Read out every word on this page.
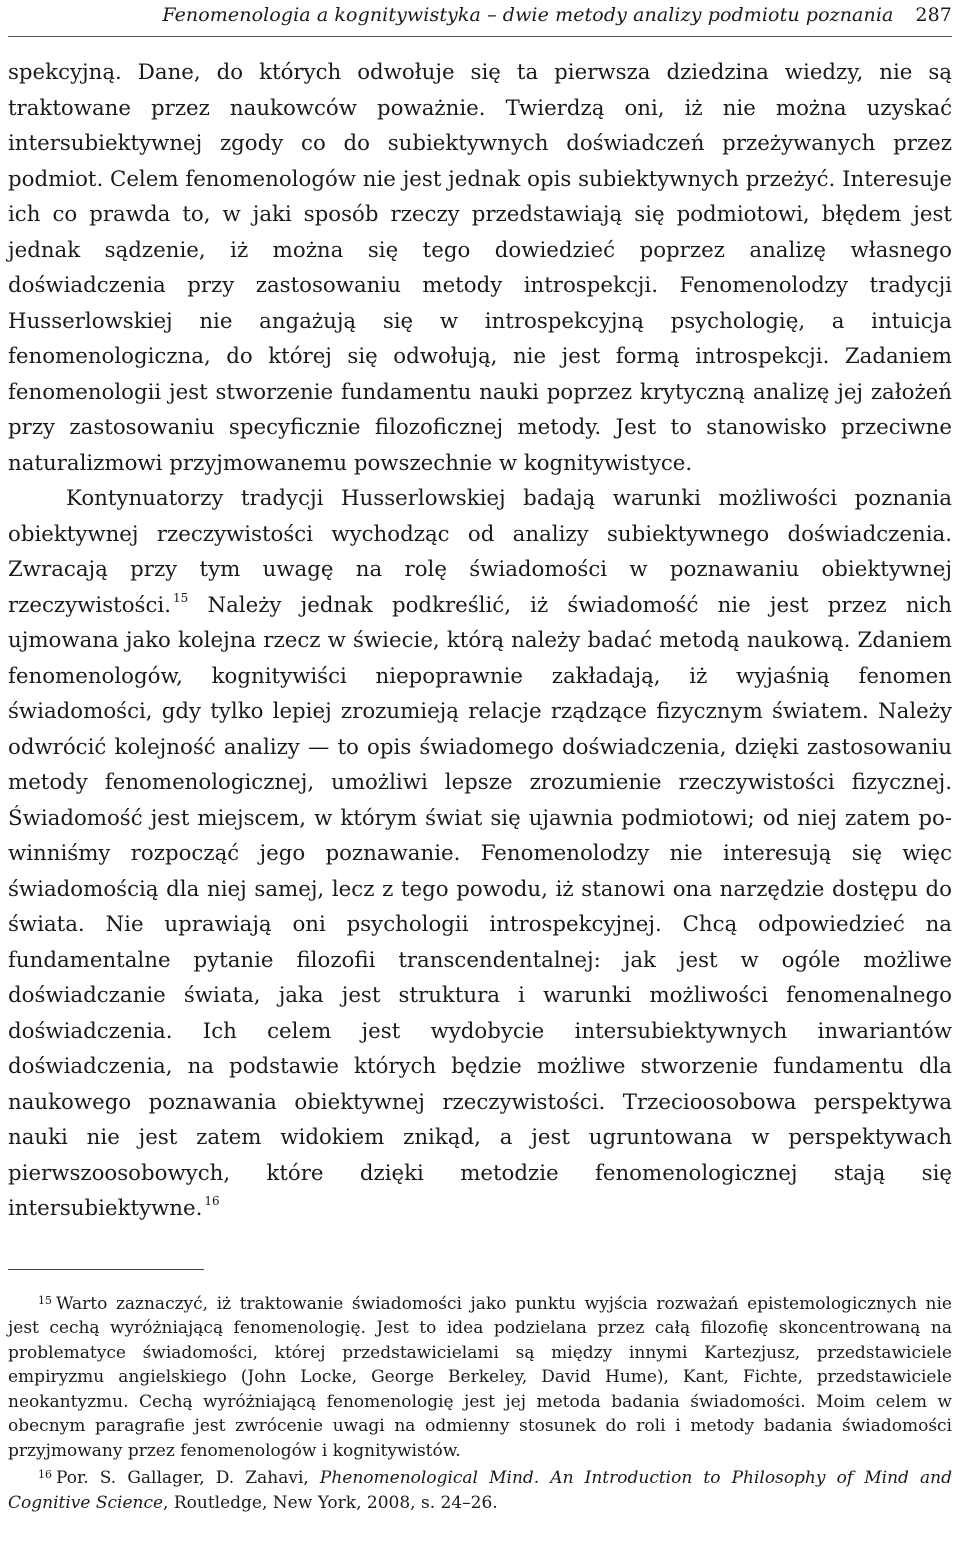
Fenomenologia a kognitywistyka – dwie metody analizy podmiotu poznania 287

spekcyjną. Dane, do których odwołuje się ta pierwsza dziedzina wiedzy, nie są traktowane przez naukowców poważnie. Twierdzą oni, iż nie można uzyskać intersubiektywnej zgody co do subiektywnych doświadczeń przeżywanych przez podmiot. Celem fenomenologów nie jest jednak opis subiektywnych przeżyć. Interesuje ich co prawda to, w jaki sposób rzeczy przedstawiają się podmiotowi, błędem jest jednak sądzenie, iż można się tego dowiedzieć poprzez analizę własnego doświadczenia przy zastosowaniu metody introspekcji. Fenomenolodzy tradycji Husserlowskiej nie angażują się w introspekcyjną psychologię, a intuicja fenomenologiczna, do której się odwołują, nie jest formą introspekcji. Zadaniem fenomenologii jest stworzenie fundamentu nauki poprzez krytyczną analizę jej założeń przy zastosowaniu specyficznie filozoficznej metody. Jest to stanowisko przeciwne naturalizmowi przyjmowanemu powszechnie w kognitywistyce.

Kontynuatorzy tradycji Husserlowskiej badają warunki możliwości poznania obiektywnej rzeczywistości wychodząc od analizy subiektywnego doświadczenia. Zwracają przy tym uwagę na rolę świadomości w poznawaniu obiektywnej rzeczywistości. $^{15}$ Należy jednak podkreślić, iż świadomość nie jest przez nich ujmowana jako kolejna rzecz w świecie, którą należy badać metodą naukową. Zdaniem fenomenologów, kognitywiści niepoprawnie zakładają, iż wyjaśnią fenomen świadomości, gdy tylko lepiej zrozumieją relacje rządzące fizycznym światem. Należy odwrócić kolejność analizy — to opis świadomego doświadczenia, dzięki zastosowaniu metody fenomenologicznej, umożliwi lepsze zrozumienie rzeczywistości fizycznej. Świadomość jest miejscem, w którym świat się ujawnia podmiotowi; od niej zatem powinniśmy rozpocząć jego poznawanie. Fenomenolodzy nie interesują się więc świadomością dla niej samej, lecz z tego powodu, iż stanowi ona narzędzie dostępu do świata. Nie uprawiają oni psychologii introspekcyjnej. Chcą odpowiedzieć na fundamentalne pytanie filozofii transcendentalnej: jak jest w ogóle możliwe doświadczanie świata, jaka jest struktura i warunki możliwości fenomenalnego doświadczenia. Ich celem jest wydobycie intersubiektywnych inwariantów doświadczenia, na podstawie których będzie możliwe stworzenie fundamentu dla naukowego poznawania obiektywnej rzeczywistości. Trzecioosobowa perspektywa nauki nie jest zatem widokiem znikąd, a jest ugruntowana w perspektywach pierwszoosobowych, które dzięki metodzie fenomenologicznej stają się intersubiektywne. $^{16}$

$^{15}$ Warto zaznaczyć, iż traktowanie świadomości jako punktu wyjścia rozważań epistemologicznych nie jest cechą wyróżniającą fenomenologię. Jest to idea podzielana przez całą filozofię skoncentrowaną na problematyce świadomości, której przedstawicielami są między innymi Kartezjusz, przedstawiciele empiryzmu angielskiego (John Locke, George Berkeley, David Hume), Kant, Fichte, przedstawiciele neokantyzmu. Cechą wyróżniającą fenomenologię jest jej metoda badania świadomości. Moim celem w obecnym paragrafie jest zwrócenie uwagi na odmienny stosunek do roli i metody badania świadomości przyjmowany przez fenomenologów i kognitywistów.

$^{16}$ Por. S. Gallager, D. Zahavi, Phenomenological Mind. An Introduction to Philosophy of Mind and Cognitive Science, Routledge, New York, 2008, s. 24–26.
